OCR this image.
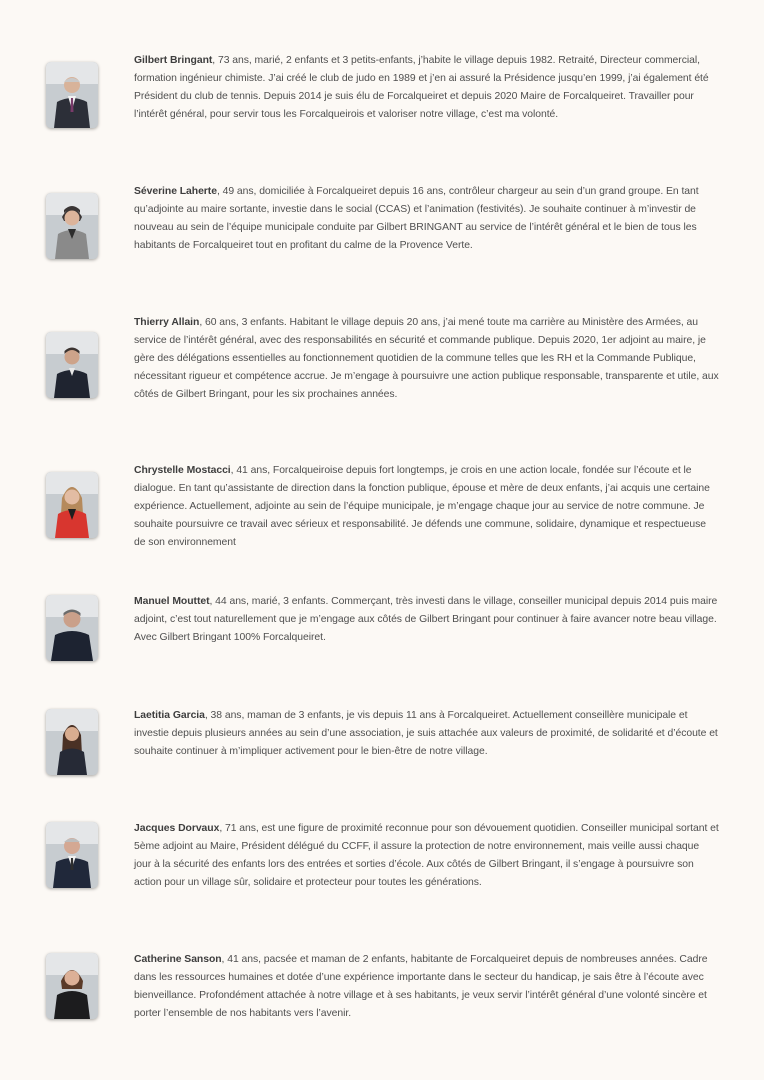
Gilbert Bringant, 73 ans, marié, 2 enfants et 3 petits-enfants, j’habite le village depuis 1982. Retraité, Directeur commercial, formation ingénieur chimiste. J’ai créé le club de judo en 1989 et j’en ai assuré la Présidence jusqu’en 1999, j’ai également été Président du club de tennis. Depuis 2014 je suis élu de Forcalqueiret et depuis 2020 Maire de Forcalqueiret. Travailler pour l’intérêt général, pour servir tous les Forcalqueirois et valoriser notre village, c’est ma volonté.

Séverine Laherte, 49 ans, domiciliée à Forcalqueiret depuis 16 ans, contrôleur chargeur au sein d’un grand groupe. En tant qu’adjointe au maire sortante, investie dans le social (CCAS) et l’animation (festivités). Je souhaite continuer à m’investir de nouveau au sein de l’équipe municipale conduite par Gilbert BRINGANT au service de l’intérêt général et le bien de tous les habitants de Forcalqueiret tout en profitant du calme de la Provence Verte.

Thierry Allain, 60 ans, 3 enfants. Habitant le village depuis 20 ans, j’ai mené toute ma carrière au Ministère des Armées, au service de l’intérêt général, avec des responsabilités en sécurité et commande publique. Depuis 2020, 1er adjoint au maire, je gère des délégations essentielles au fonctionnement quotidien de la commune telles que les RH et la Commande Publique, nécessitant rigueur et compétence accrue. Je m’engage à poursuivre une action publique responsable, transparente et utile, aux côtés de Gilbert Bringant, pour les six prochaines années.

Chrystelle Mostacci, 41 ans, Forcalqueiroise depuis fort longtemps, je crois en une action locale, fondée sur l’écoute et le dialogue. En tant qu’assistante de direction dans la fonction publique, épouse et mère de deux enfants, j’ai acquis une certaine expérience. Actuellement, adjointe au sein de l’équipe municipale, je m’engage chaque jour au service de notre commune. Je souhaite poursuivre ce travail avec sérieux et responsabilité. Je défends une commune, solidaire, dynamique et respectueuse de son environnement

Manuel Mouttet, 44 ans, marié, 3 enfants. Commerçant, très investi dans le village, conseiller municipal depuis 2014 puis maire adjoint, c’est tout naturellement que je m’engage aux côtés de Gilbert Bringant pour continuer à faire avancer notre beau village. Avec Gilbert Bringant 100% Forcalqueiret.

Laetitia Garcia, 38 ans, maman de 3 enfants, je vis depuis 11 ans à Forcalqueiret. Actuellement conseillère municipale et investie depuis plusieurs années au sein d’une association, je suis attachée aux valeurs de proximité, de solidarité et d’écoute et souhaite continuer à m’impliquer activement pour le bien-être de notre village.

Jacques Dorvaux, 71 ans, est une figure de proximité reconnue pour son dévouement quotidien. Conseiller municipal sortant et 5ème adjoint au Maire, Président délégué du CCFF, il assure la protection de notre environnement, mais veille aussi chaque jour à la sécurité des enfants lors des entrées et sorties d’école. Aux côtés de Gilbert Bringant, il s’engage à poursuivre son action pour un village sûr, solidaire et protecteur pour toutes les générations.

Catherine Sanson, 41 ans, pacsée et maman de 2 enfants, habitante de Forcalqueiret depuis de nombreuses années. Cadre dans les ressources humaines et dotée d’une expérience importante dans le secteur du handicap, je sais être à l’écoute avec bienveillance. Profondément attachée à notre village et à ses habitants, je veux servir l’intérêt général d’une volonté sincère et porter l’ensemble de nos habitants vers l’avenir.
